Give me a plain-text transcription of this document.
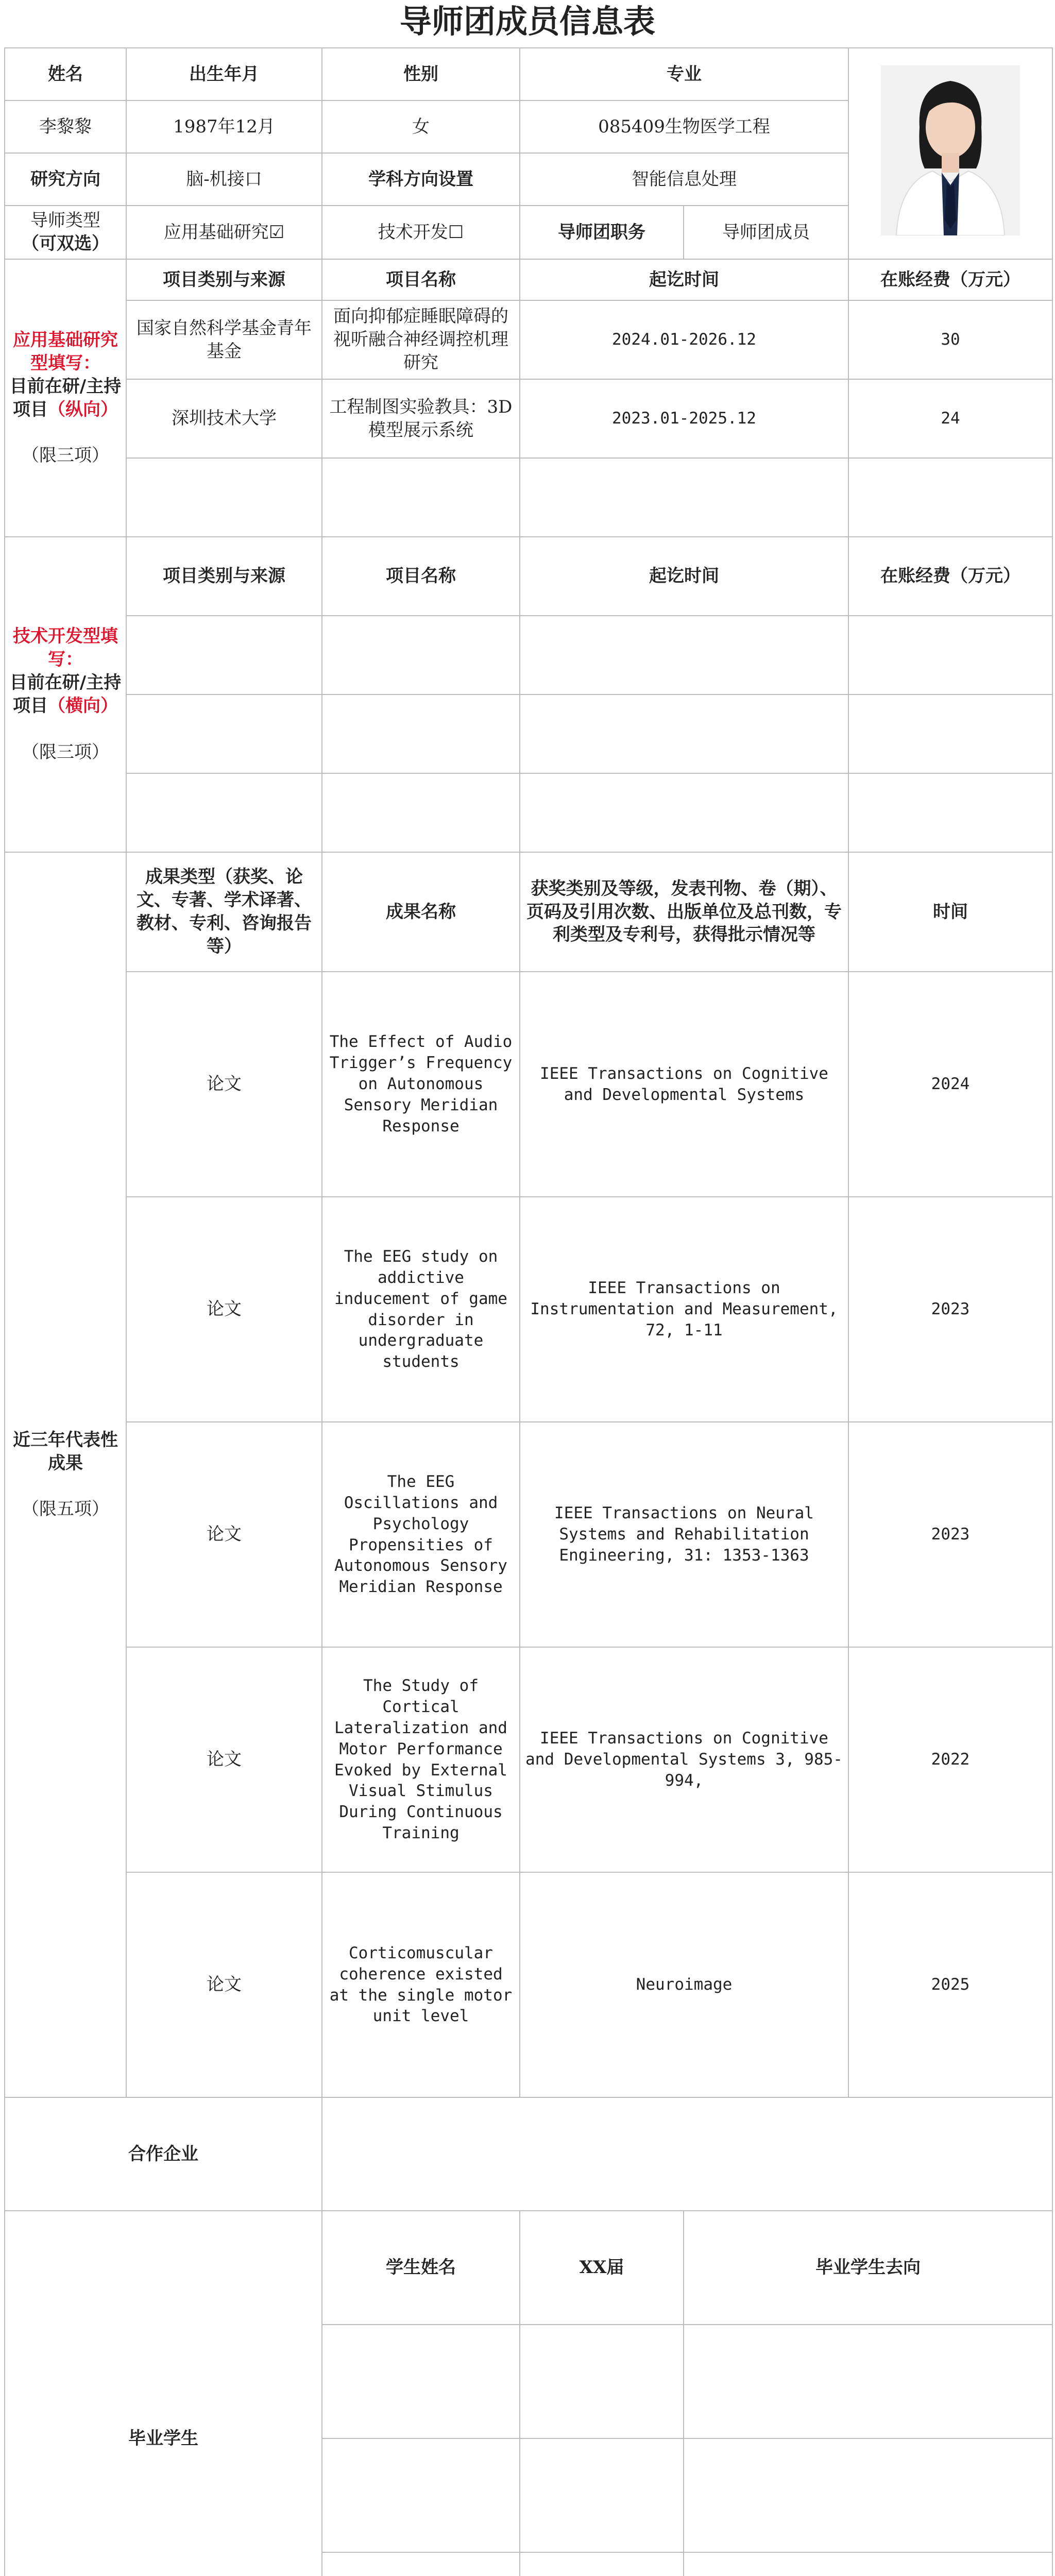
导师团成员信息表
姓名	出生年月	性别	专业	
李黎黎	1987年12月	女	085409生物医学工程		
研究方向	脑-机接口	学科方向设置	智能信息处理		
导师类型
（可双选）	应用基础研究☑	技术开发☐	导师团职务	导师团成员	
应用基础研究型填写：
目前在研/主持项目（纵向）

（限三项）	项目类别与来源	项目名称	起讫时间		在账经费（万元）
	国家自然科学基金青年基金	面向抑郁症睡眠障碍的视听融合神经调控机理研究	2024.01-2026.12		30
	深圳技术大学	工程制图实验教具：3D模型展示系统	2023.01-2025.12		24

技术开发型填写：
目前在研/主持项目（横向）

（限三项）	项目类别与来源	项目名称	起讫时间		在账经费（万元）

近三年代表性成果

（限五项）	成果类型（获奖、论文、专著、学术译著、教材、专利、咨询报告等）	成果名称	获奖类别及等级，发表刊物、卷（期）、页码及引用次数、出版单位及总刊数，专利类型及专利号，获得批示情况等		时间
	论文	The Effect of Audio Trigger’s Frequency on Autonomous Sensory Meridian Response	IEEE Transactions on Cognitive and Developmental Systems		2024
	论文	The EEG study on addictive inducement of game disorder in undergraduate students	IEEE Transactions on Instrumentation and Measurement, 72, 1-11		2023
	论文	The EEG Oscillations and Psychology Propensities of Autonomous Sensory Meridian Response	IEEE Transactions on Neural Systems and Rehabilitation Engineering, 31: 1353-1363		2023
	论文	The Study of Cortical Lateralization and Motor Performance Evoked by External Visual Stimulus During Continuous Training	IEEE Transactions on Cognitive and Developmental Systems 3, 985-994,		2022
	论文	Corticomuscular coherence existed at the single motor unit level	Neuroimage		2025
合作企业					
毕业学生		学生姓名	XX届	毕业学生去向	
